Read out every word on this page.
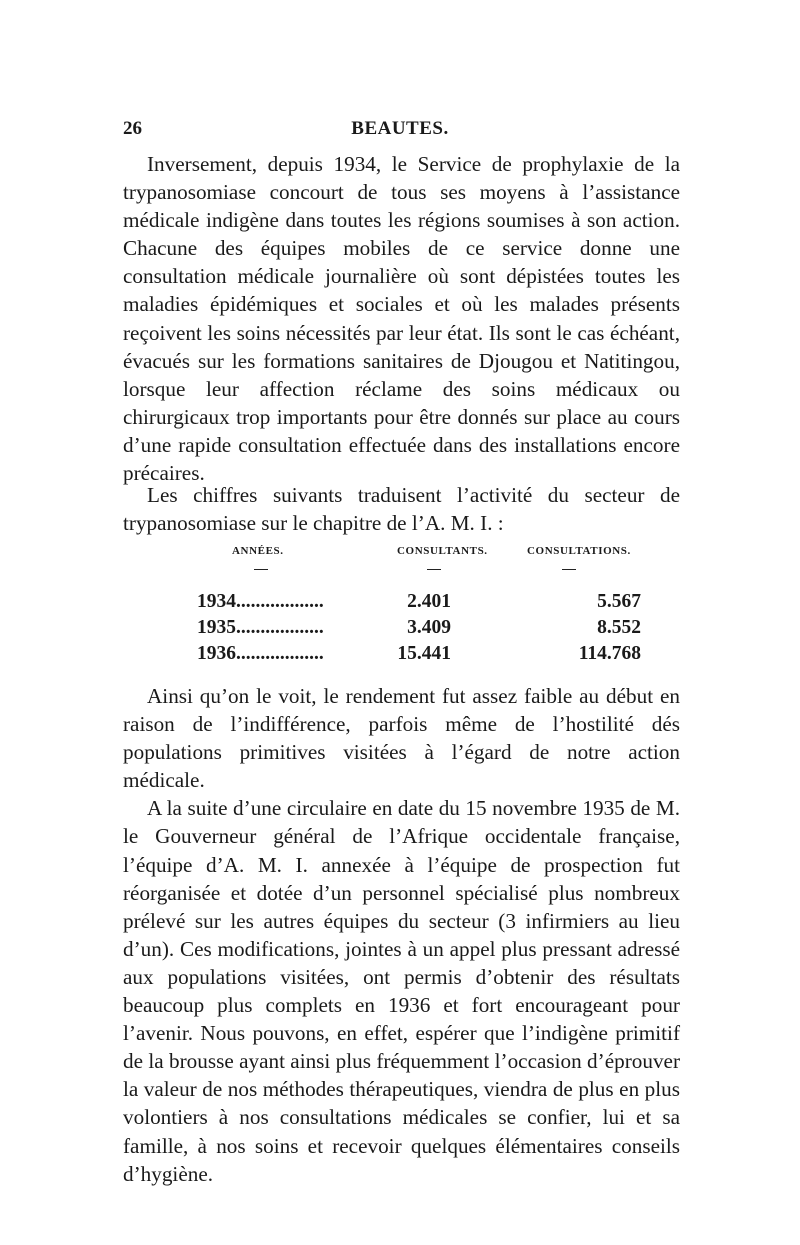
26	BEAUTES.

Inversement, depuis 1934, le Service de prophylaxie de la trypanosomiase concourt de tous ses moyens à l’assistance médicale indigène dans toutes les régions soumises à son action. Chacune des équipes mobiles de ce service donne une consultation médicale journalière où sont dépistées toutes les maladies épidémiques et sociales et où les malades présents reçoivent les soins nécessités par leur état. Ils sont le cas échéant, évacués sur les formations sanitaires de Djougou et Natitingou, lorsque leur affection réclame des soins médicaux ou chirurgicaux trop importants pour être donnés sur place au cours d’une rapide consultation effectuée dans des installations encore précaires.

Les chiffres suivants traduisent l’activité du secteur de trypanosomiase sur le chapitre de l’A. M. I. :

ANNÉES.	CONSULTANTS.	CONSULTATIONS.
1934..................	2.401	5.567
1935..................	3.409	8.552
1936..................	15.441	114.768

Ainsi qu’on le voit, le rendement fut assez faible au début en raison de l’indifférence, parfois même de l’hostilité dés populations primitives visitées à l’égard de notre action médicale.

A la suite d’une circulaire en date du 15 novembre 1935 de M. le Gouverneur général de l’Afrique occidentale française, l’équipe d’A. M. I. annexée à l’équipe de prospection fut réorganisée et dotée d’un personnel spécialisé plus nombreux prélevé sur les autres équipes du secteur (3 infirmiers au lieu d’un). Ces modifications, jointes à un appel plus pressant adressé aux populations visitées, ont permis d’obtenir des résultats beaucoup plus complets en 1936 et fort encourageant pour l’avenir. Nous pouvons, en effet, espérer que l’indigène primitif de la brousse ayant ainsi plus fréquemment l’occasion d’éprouver la valeur de nos méthodes thérapeutiques, viendra de plus en plus volontiers à nos consultations médicales se confier, lui et sa famille, à nos soins et recevoir quelques élémentaires conseils d’hygiène.
